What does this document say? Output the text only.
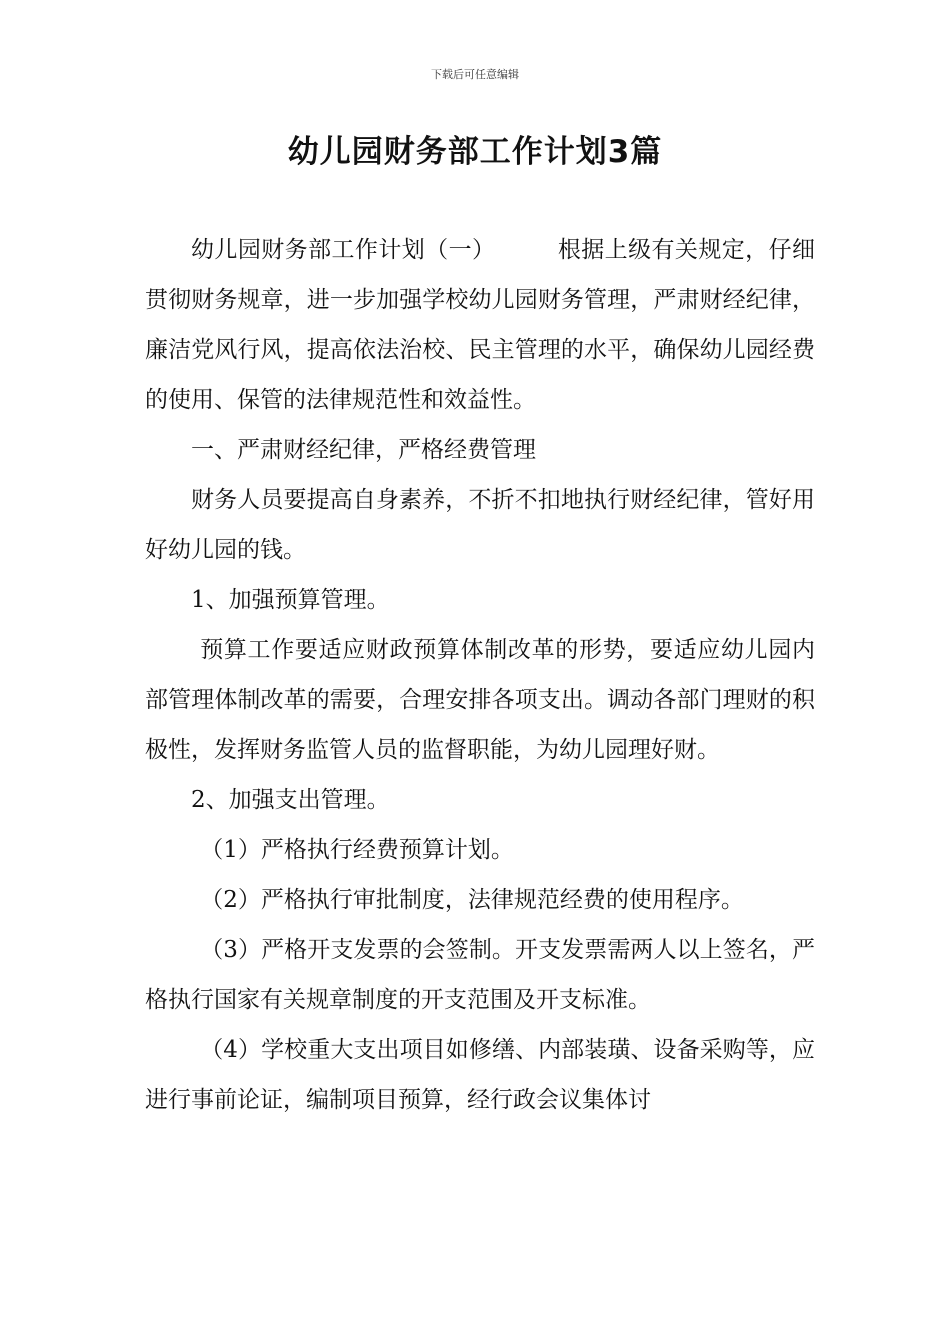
下载后可任意编辑
幼儿园财务部工作计划3篇

幼儿园财务部工作计划（一）	根据上级有关规定，仔细贯彻财务规章，进一步加强学校幼儿园财务管理，严肃财经纪律，廉洁党风行风，提高依法治校、民主管理的水平，确保幼儿园经费的使用、保管的法律规范性和效益性。

一、严肃财经纪律，严格经费管理

财务人员要提高自身素养，不折不扣地执行财经纪律，管好用好幼儿园的钱。

1、加强预算管理。

预算工作要适应财政预算体制改革的形势，要适应幼儿园内部管理体制改革的需要，合理安排各项支出。调动各部门理财的积极性，发挥财务监管人员的监督职能，为幼儿园理好财。

2、加强支出管理。

（1）严格执行经费预算计划。

（2）严格执行审批制度，法律规范经费的使用程序。

（3）严格开支发票的会签制。开支发票需两人以上签名，严格执行国家有关规章制度的开支范围及开支标准。

（4）学校重大支出项目如修缮、内部装璜、设备采购等，应进行事前论证，编制项目预算，经行政会议集体讨
